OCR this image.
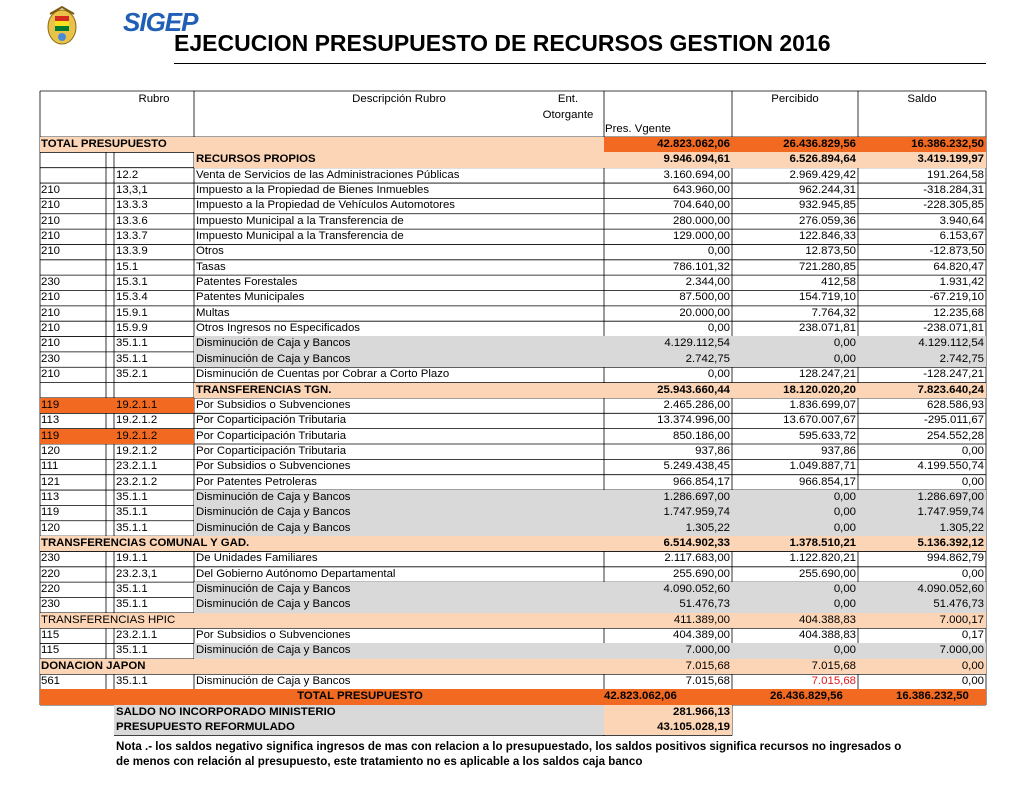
SIGEP
EJECUCION PRESUPUESTO DE RECURSOS GESTION 2016
Rubro	Descripción Rubro	Ent.
Otorgante
Pres. Vgente
Percibido	Saldo
TOTAL PRESUPUESTO	42.823.062,06	26.436.829,56	16.386.232,50
RECURSOS PROPIOS	9.946.094,61	6.526.894,64	3.419.199,97
12.2	Venta de Servicios de las Administraciones Públicas	3.160.694,00	2.969.429,42	191.264,58
210	13,3,1	Impuesto a la Propiedad de Bienes Inmuebles	643.960,00	962.244,31	-318.284,31
210	13.3.3	Impuesto a la Propiedad de Vehículos Automotores	704.640,00	932.945,85	-228.305,85
210	13.3.6	Impuesto Municipal a la Transferencia de	280.000,00	276.059,36	3.940,64
210	13.3.7	Impuesto Municipal a la Transferencia de	129.000,00	122.846,33	6.153,67
210	13.3.9	Otros	0,00	12.873,50	-12.873,50
15.1	Tasas	786.101,32	721.280,85	64.820,47
230	15.3.1	Patentes Forestales	2.344,00	412,58	1.931,42
210	15.3.4	Patentes Municipales	87.500,00	154.719,10	-67.219,10
210	15.9.1	Multas	20.000,00	7.764,32	12.235,68
210	15.9.9	Otros Ingresos no Especificados	0,00	238.071,81	-238.071,81
210	35.1.1	Disminución de Caja y Bancos	4.129.112,54	0,00	4.129.112,54
230	35.1.1	Disminución de Caja y Bancos	2.742,75	0,00	2.742,75
210	35.2.1	Disminución de Cuentas por Cobrar a Corto Plazo	0,00	128.247,21	-128.247,21
TRANSFERENCIAS TGN.	25.943.660,44	18.120.020,20	7.823.640,24
119	19.2.1.1	Por Subsidios o Subvenciones	2.465.286,00	1.836.699,07	628.586,93
113	19.2.1.2	Por Coparticipación Tributaria	13.374.996,00	13.670.007,67	-295.011,67
119	19.2.1.2	Por Coparticipación Tributaria	850.186,00	595.633,72	254.552,28
120	19.2.1.2	Por Coparticipación Tributaria	937,86	937,86	0,00
111	23.2.1.1	Por Subsidios o Subvenciones	5.249.438,45	1.049.887,71	4.199.550,74
121	23.2.1.2	Por Patentes Petroleras	966.854,17	966.854,17	0,00
113	35.1.1	Disminución de Caja y Bancos	1.286.697,00	0,00	1.286.697,00
119	35.1.1	Disminución de Caja y Bancos	1.747.959,74	0,00	1.747.959,74
120	35.1.1	Disminución de Caja y Bancos	1.305,22	0,00	1.305,22
TRANSFERENCIAS COMUNAL Y GAD.	6.514.902,33	1.378.510,21	5.136.392,12
230	19.1.1	De Unidades Familiares	2.117.683,00	1.122.820,21	994.862,79
220	23.2.3,1	Del Gobierno Autónomo Departamental	255.690,00	255.690,00	0,00
220	35.1.1	Disminución de Caja y Bancos	4.090.052,60	0,00	4.090.052,60
230	35.1.1	Disminución de Caja y Bancos	51.476,73	0,00	51.476,73
TRANSFERENCIAS HPIC	411.389,00	404.388,83	7.000,17
115	23.2.1.1	Por Subsidios o Subvenciones	404.389,00	404.388,83	0,17
115	35.1.1	Disminución de Caja y Bancos	7.000,00	0,00	7.000,00
DONACION JAPON	7.015,68	7.015,68	0,00
561	35.1.1	Disminución de Caja y Bancos	7.015,68	7.015,68	0,00
TOTAL PRESUPUESTO	42.823.062,06	26.436.829,56	16.386.232,50
SALDO NO INCORPORADO MINISTERIO	281.966,13
PRESUPUESTO REFORMULADO	43.105.028,19
Nota .- los saldos negativo significa ingresos de mas con relacion a lo presupuestado, los saldos positivos significa recursos no ingresados o
de menos con relación al presupuesto, este tratamiento no es aplicable a los saldos caja banco
